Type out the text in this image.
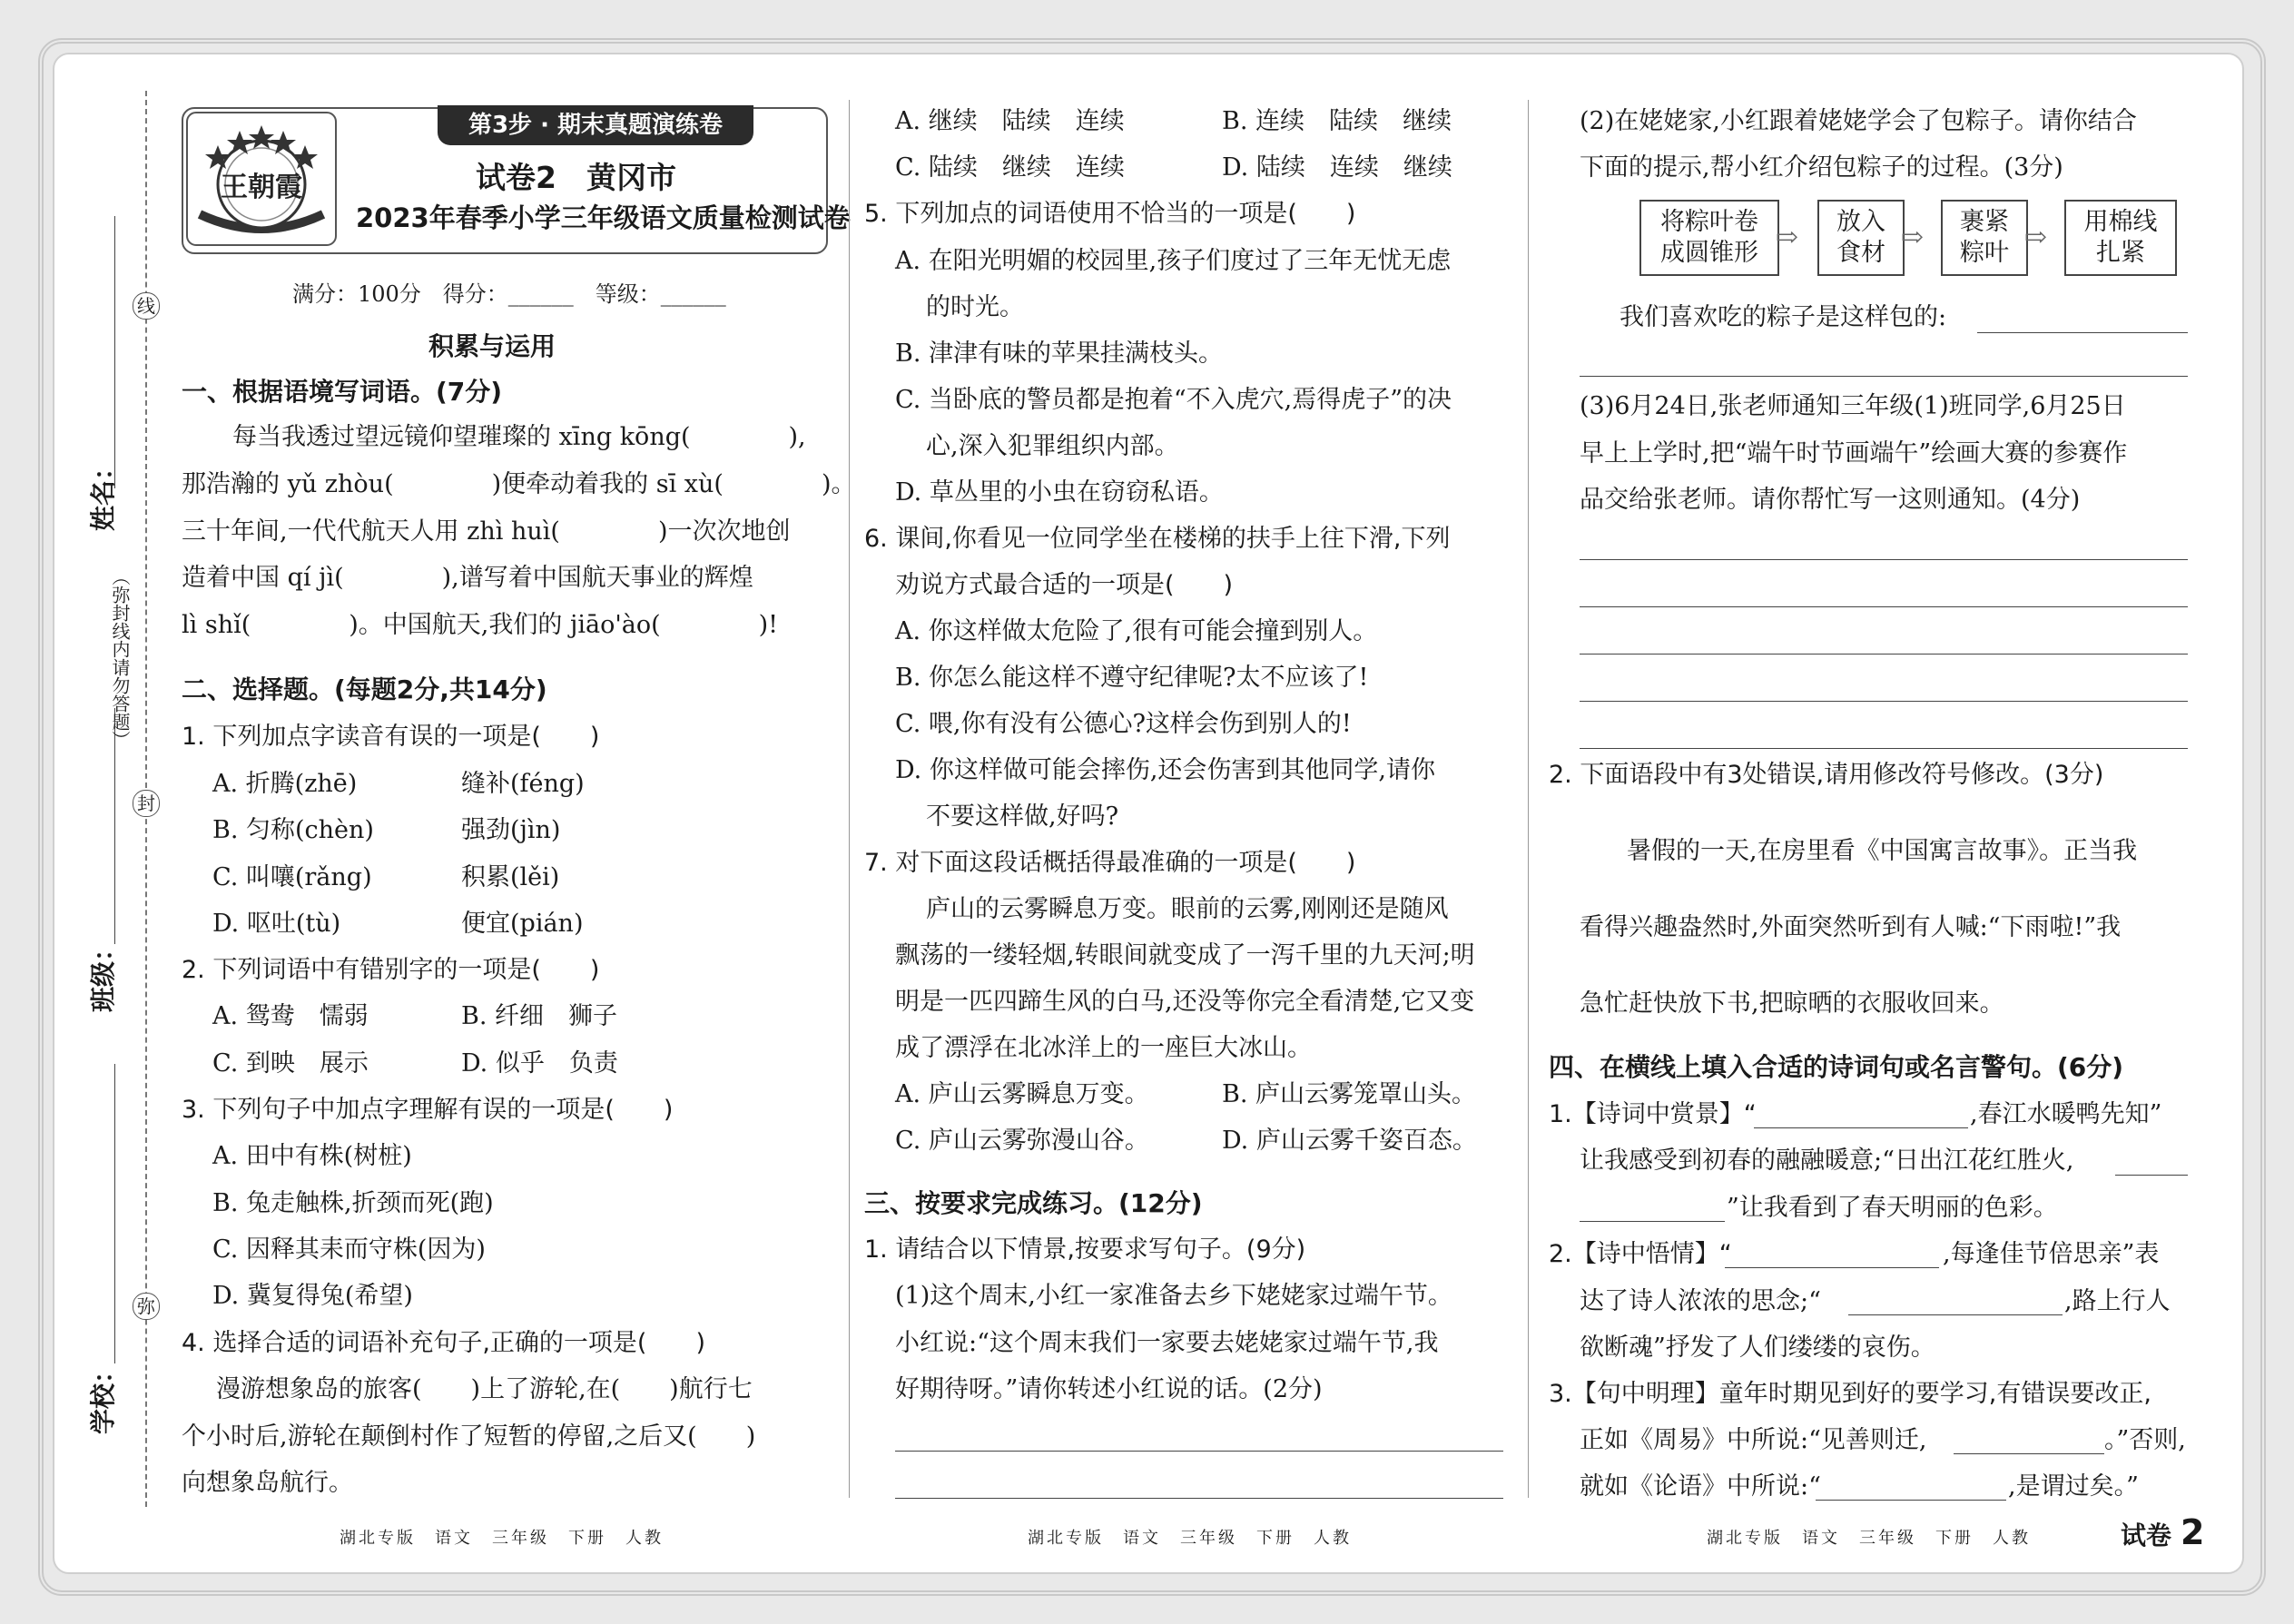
线
封
弥
姓名：
班级：
学校：
（弥封线内请勿答题）
王朝霞
第3步 · 期末真题演练卷
试卷2　黄冈市
2023年春季小学三年级语文质量检测试卷
满分：100分　得分：______　等级：______
积累与运用
一、根据语境写词语。(7分)
每当我透过望远镜仰望璀璨的 xīng kōng(　　　　),
那浩瀚的 yǔ zhòu(　　　　)便牵动着我的 sī xù(　　　　)。
三十年间,一代代航天人用 zhì huì(　　　　)一次次地创
造着中国 qí jì(　　　　),谱写着中国航天事业的辉煌
lì shǐ(　　　　)。中国航天,我们的 jiāo'ào(　　　　)!
二、选择题。(每题2分,共14分)
1. 下列加点字读音有误的一项是(　　)
A. 折腾(zhē)	缝补(féng)
B. 匀称(chèn)	强劲(jìn)
C. 叫嚷(rǎng)	积累(lěi)
D. 呕吐(tù)	便宜(pián)
2. 下列词语中有错别字的一项是(　　)
A. 鸳鸯　懦弱	B. 纤细　狮子
C. 到映　展示	D. 似乎　负责
3. 下列句子中加点字理解有误的一项是(　　)
A. 田中有株(树桩)
B. 兔走触株,折颈而死(跑)
C. 因释其耒而守株(因为)
D. 冀复得兔(希望)
4. 选择合适的词语补充句子,正确的一项是(　　)
漫游想象岛的旅客(　　)上了游轮,在(　　)航行七
个小时后,游轮在颠倒村作了短暂的停留,之后又(　　)
向想象岛航行。
湖北专版　语文　三年级　下册　人教
A. 继续　陆续　连续	B. 连续　陆续　继续
C. 陆续　继续　连续	D. 陆续　连续　继续
5. 下列加点的词语使用不恰当的一项是(　　)
A. 在阳光明媚的校园里,孩子们度过了三年无忧无虑
的时光。
B. 津津有味的苹果挂满枝头。
C. 当卧底的警员都是抱着“不入虎穴,焉得虎子”的决
心,深入犯罪组织内部。
D. 草丛里的小虫在窃窃私语。
6. 课间,你看见一位同学坐在楼梯的扶手上往下滑,下列
劝说方式最合适的一项是(　　)
A. 你这样做太危险了,很有可能会撞到别人。
B. 你怎么能这样不遵守纪律呢?太不应该了!
C. 喂,你有没有公德心?这样会伤到别人的!
D. 你这样做可能会摔伤,还会伤害到其他同学,请你
不要这样做,好吗?
7. 对下面这段话概括得最准确的一项是(　　)
庐山的云雾瞬息万变。眼前的云雾,刚刚还是随风
飘荡的一缕轻烟,转眼间就变成了一泻千里的九天河;明
明是一匹四蹄生风的白马,还没等你完全看清楚,它又变
成了漂浮在北冰洋上的一座巨大冰山。
A. 庐山云雾瞬息万变。	B. 庐山云雾笼罩山头。
C. 庐山云雾弥漫山谷。	D. 庐山云雾千姿百态。
三、按要求完成练习。(12分)
1. 请结合以下情景,按要求写句子。(9分)
(1)这个周末,小红一家准备去乡下姥姥家过端午节。
小红说:“这个周末我们一家要去姥姥家过端午节,我
好期待呀。”请你转述小红说的话。(2分)
湖北专版　语文　三年级　下册　人教
(2)在姥姥家,小红跟着姥姥学会了包粽子。请你结合
下面的提示,帮小红介绍包粽子的过程。(3分)
将粽叶卷
成圆锥形 ⇨	放入
食材 ⇨	裹紧
粽叶 ⇨	用棉线
扎紧
我们喜欢吃的粽子是这样包的:
(3)6月24日,张老师通知三年级(1)班同学,6月25日
早上上学时,把“端午时节画端午”绘画大赛的参赛作
品交给张老师。请你帮忙写一这则通知。(4分)
2. 下面语段中有3处错误,请用修改符号修改。(3分)
暑假的一天,在房里看《中国寓言故事》。正当我
看得兴趣盎然时,外面突然听到有人喊:“下雨啦!”我
急忙赶快放下书,把晾晒的衣服收回来。
四、在横线上填入合适的诗词句或名言警句。(6分)
1.【诗词中赏景】“	,春江水暖鸭先知”
让我感受到初春的融融暖意;“日出江花红胜火,
”让我看到了春天明丽的色彩。
2.【诗中悟情】“	,每逢佳节倍思亲”表
达了诗人浓浓的思念;“	,路上行人
欲断魂”抒发了人们缕缕的哀伤。
3.【句中明理】童年时期见到好的要学习,有错误要改正,
正如《周易》中所说:“见善则迁,	。”否则,
就如《论语》中所说:“	,是谓过矣。”
湖北专版　语文　三年级　下册　人教	试卷 2
